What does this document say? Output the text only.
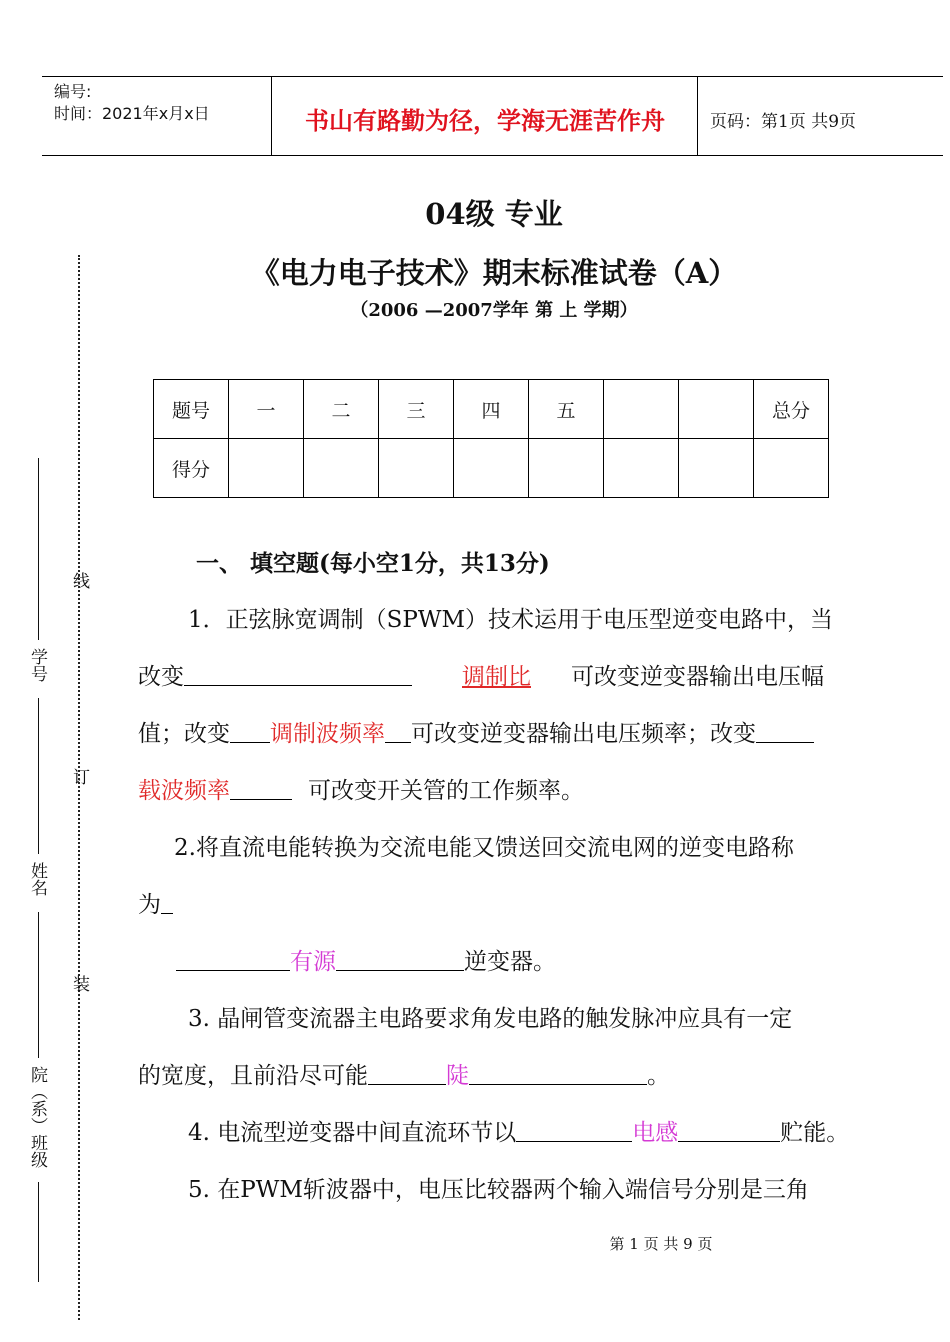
编号:
时间：2021年x月x日	书山有路勤为径，学海无涯苦作舟	页码：第1页 共9页
04级 专业
《电力电子技术》期末标准试卷（A）
（2006 —2007学年 第 上 学期）
题号	一	二	三	四	五			总分
得分								
一、 填空题(每小空1分，共13分)
1．正弦脉宽调制（SPWM）技术运用于电压型逆变电路中，当
改变	调制比 可改变逆变器输出电压幅
值；改变 调制波频率 可改变逆变器输出电压频率；改变
载波频率	可改变开关管的工作频率。
2.将直流电能转换为交流电能又馈送回交流电网的逆变电路称
为
有源	逆变器。
3. 晶闸管变流器主电路要求角发电路的触发脉冲应具有一定
的宽度，且前沿尽可能	陡	。
4. 电流型逆变器中间直流环节以	电感	贮能。
5. 在PWM斩波器中，电压比较器两个输入端信号分别是三角
线
订
装
学号
姓名
院（系）班级
第 1 页 共 9 页
